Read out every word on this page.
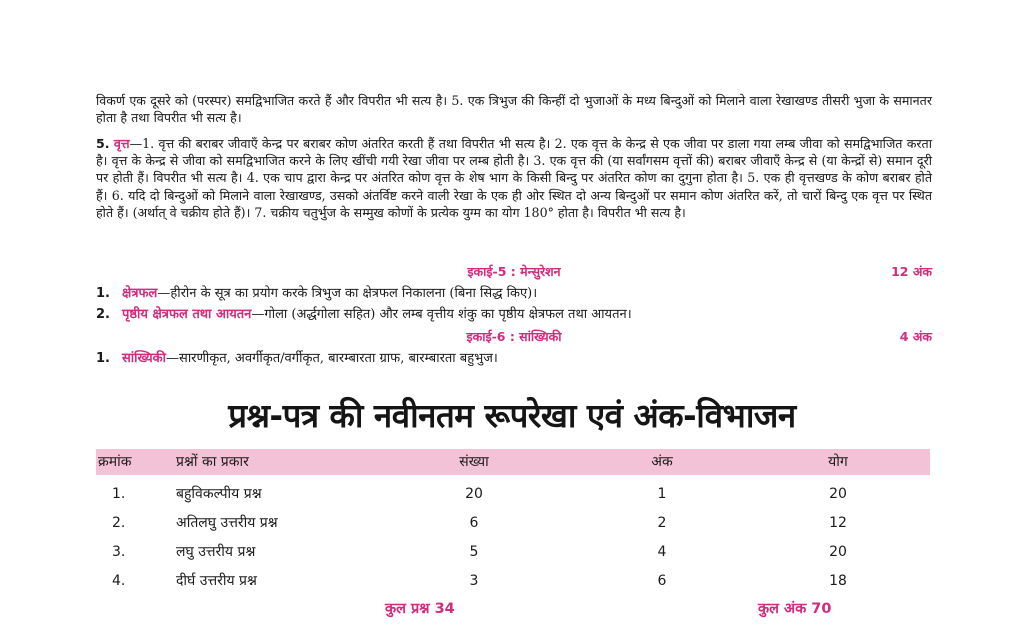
विकर्ण एक दूसरे को (परस्पर) समद्विभाजित करते हैं और विपरीत भी सत्य है। 5. एक त्रिभुज की किन्हीं दो भुजाओं के मध्य बिन्दुओं को मिलाने वाला रेखाखण्ड तीसरी भुजा के समानतर होता है तथा विपरीत भी सत्य है।
5. वृत्त—1. वृत्त की बराबर जीवाएँ केन्द्र पर बराबर कोण अंतरित करती हैं तथा विपरीत भी सत्य है। 2. एक वृत्त के केन्द्र से एक जीवा पर डाला गया लम्ब जीवा को समद्विभाजित करता है। वृत्त के केन्द्र से जीवा को समद्विभाजित करने के लिए खींची गयी रेखा जीवा पर लम्ब होती है। 3. एक वृत्त की (या सर्वांगसम वृत्तों की) बराबर जीवाएँ केन्द्र से (या केन्द्रों से) समान दूरी पर होती हैं। विपरीत भी सत्य है। 4. एक चाप द्वारा केन्द्र पर अंतरित कोण वृत्त के शेष भाग के किसी बिन्दु पर अंतरित कोण का दुगुना होता है। 5. एक ही वृत्तखण्ड के कोण बराबर होते हैं। 6. यदि दो बिन्दुओं को मिलाने वाला रेखाखण्ड, उसको अंतर्विष्ट करने वाली रेखा के एक ही ओर स्थित दो अन्य बिन्दुओं पर समान कोण अंतरित करें, तो चारों बिन्दु एक वृत्त पर स्थित होते हैं। (अर्थात् वे चक्रीय होते हैं)। 7. चक्रीय चतुर्भुज के सम्मुख कोणों के प्रत्येक युग्म का योग 180° होता है। विपरीत भी सत्य है।
इकाई-5 : मेन्सुरेशन	12 अंक
1. क्षेत्रफल—हीरोन के सूत्र का प्रयोग करके त्रिभुज का क्षेत्रफल निकालना (बिना सिद्ध किए)।
2. पृष्ठीय क्षेत्रफल तथा आयतन—गोला (अर्द्धगोला सहित) और लम्ब वृत्तीय शंकु का पृष्ठीय क्षेत्रफल तथा आयतन।
इकाई-6 : सांख्यिकी	4 अंक
1. सांख्यिकी—सारणीकृत, अवर्गीकृत/वर्गीकृत, बारम्बारता ग्राफ, बारम्बारता बहुभुज।
प्रश्न-पत्र की नवीनतम रूपरेखा एवं अंक-विभाजन
क्रमांक	प्रश्नों का प्रकार	संख्या	अंक	योग
1.	बहुविकल्पीय प्रश्न	20	1	20
2.	अतिलघु उत्तरीय प्रश्न	6	2	12
3.	लघु उत्तरीय प्रश्न	5	4	20
4.	दीर्घ उत्तरीय प्रश्न	3	6	18
कुल प्रश्न 34	कुल अंक 70
